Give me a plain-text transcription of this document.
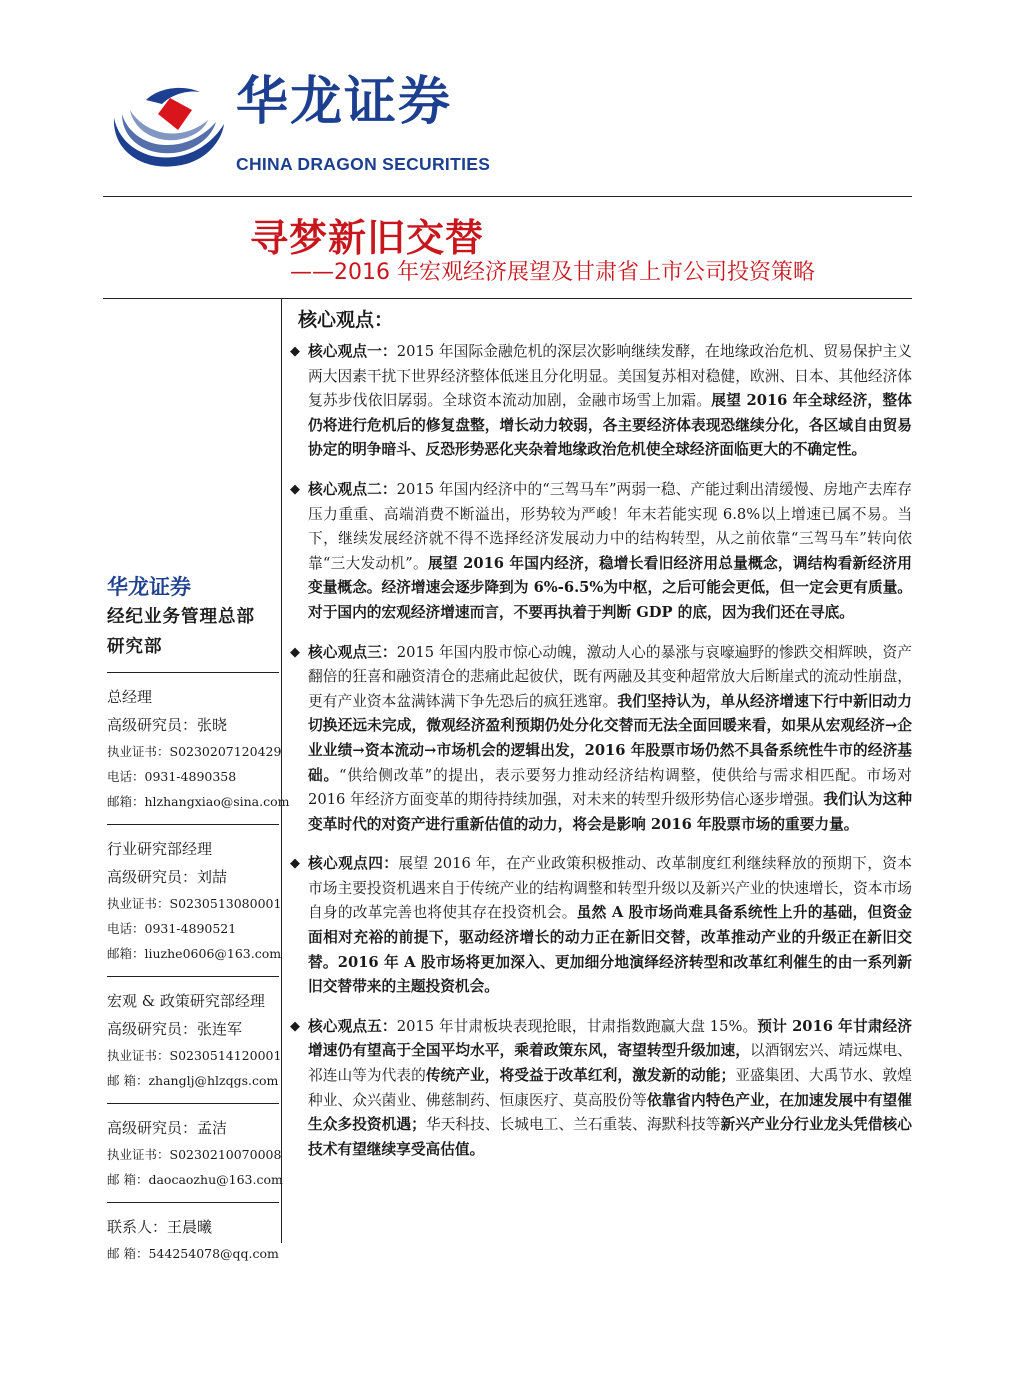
华龙证券
CHINA DRAGON SECURITIES
寻梦新旧交替
——2016 年宏观经济展望及甘肃省上市公司投资策略
华龙证券
经纪业务管理总部
研究部
总经理
高级研究员：张晓
执业证书：S0230207120429
电话：0931-4890358
邮箱：hlzhangxiao@sina.com
行业研究部经理
高级研究员：刘喆
执业证书：S0230513080001
电话：0931-4890521
邮箱：liuzhe0606@163.com
宏观 & 政策研究部经理
高级研究员：张连军
执业证书：S0230514120001
邮 箱：zhanglj@hlzqgs.com
高级研究员：孟洁
执业证书：S0230210070008
邮 箱：daocaozhu@163.com
联系人：王晨曦
邮 箱：544254078@qq.com
核心观点：
◆ 核心观点一：2015 年国际金融危机的深层次影响继续发酵，在地缘政治危机、贸易保护主义两大因素干扰下世界经济整体低迷且分化明显。美国复苏相对稳健，欧洲、日本、其他经济体复苏步伐依旧孱弱。全球资本流动加剧，金融市场雪上加霜。展望 2016 年全球经济，整体仍将进行危机后的修复盘整，增长动力较弱，各主要经济体表现恐继续分化，各区域自由贸易协定的明争暗斗、反恐形势恶化夹杂着地缘政治危机使全球经济面临更大的不确定性。
◆ 核心观点二：2015 年国内经济中的“三驾马车”两弱一稳、产能过剩出清缓慢、房地产去库存压力重重、高端消费不断溢出，形势较为严峻！年末若能实现 6.8%以上增速已属不易。当下，继续发展经济就不得不选择经济发展动力中的结构转型，从之前依靠“三驾马车”转向依靠“三大发动机”。展望 2016 年国内经济，稳增长看旧经济用总量概念，调结构看新经济用变量概念。经济增速会逐步降到为 6%-6.5%为中枢，之后可能会更低，但一定会更有质量。对于国内的宏观经济增速而言，不要再执着于判断 GDP 的底，因为我们还在寻底。
◆ 核心观点三：2015 年国内股市惊心动魄，激动人心的暴涨与哀嚎遍野的惨跌交相辉映，资产翻倍的狂喜和融资清仓的悲痛此起彼伏，既有两融及其变种超常放大后断崖式的流动性崩盘，更有产业资本盆满钵满下争先恐后的疯狂逃窜。我们坚持认为，单从经济增速下行中新旧动力切换还远未完成，微观经济盈利预期仍处分化交替而无法全面回暖来看，如果从宏观经济→企业业绩→资本流动→市场机会的逻辑出发，2016 年股票市场仍然不具备系统性牛市的经济基础。“供给侧改革”的提出，表示要努力推动经济结构调整，使供给与需求相匹配。市场对 2016 年经济方面变革的期待持续加强，对未来的转型升级形势信心逐步增强。我们认为这种变革时代的对资产进行重新估值的动力，将会是影响 2016 年股票市场的重要力量。
◆ 核心观点四：展望 2016 年，在产业政策积极推动、改革制度红利继续释放的预期下，资本市场主要投资机遇来自于传统产业的结构调整和转型升级以及新兴产业的快速增长，资本市场自身的改革完善也将使其存在投资机会。虽然 A 股市场尚难具备系统性上升的基础，但资金面相对充裕的前提下，驱动经济增长的动力正在新旧交替，改革推动产业的升级正在新旧交替。2016 年 A 股市场将更加深入、更加细分地演绎经济转型和改革红利催生的由一系列新旧交替带来的主题投资机会。
◆ 核心观点五：2015 年甘肃板块表现抢眼，甘肃指数跑赢大盘 15%。预计 2016 年甘肃经济增速仍有望高于全国平均水平，乘着政策东风，寄望转型升级加速，以酒钢宏兴、靖远煤电、祁连山等为代表的传统产业，将受益于改革红利，激发新的动能；亚盛集团、大禹节水、敦煌种业、众兴菌业、佛慈制药、恒康医疗、莫高股份等依靠省内特色产业，在加速发展中有望催生众多投资机遇；华天科技、长城电工、兰石重装、海默科技等新兴产业分行业龙头凭借核心技术有望继续享受高估值。
